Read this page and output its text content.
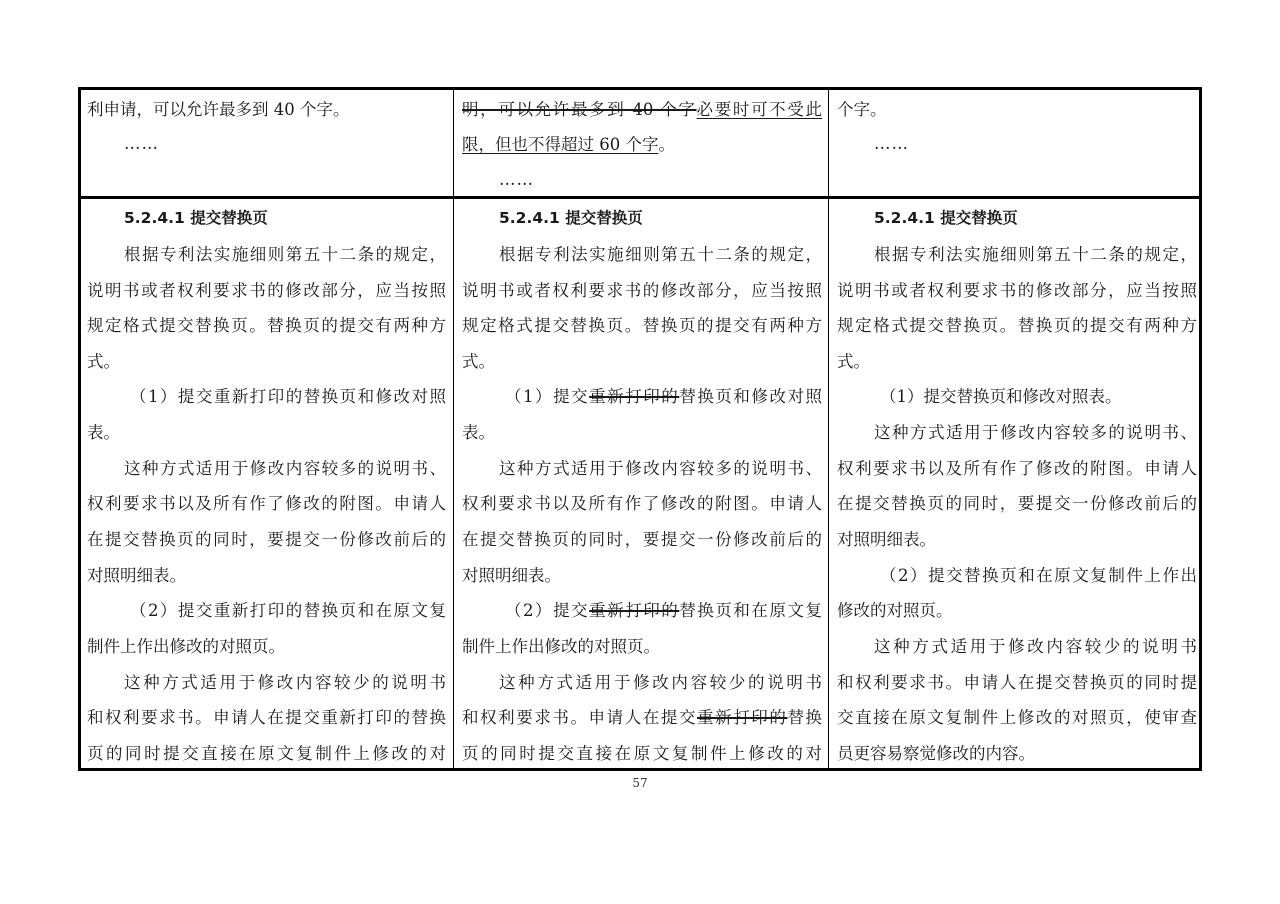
利申请，可以允许最多到 40 个字。
……
明，可以允许最多到 40 个字必要时可不受此
限，但也不得超过 60 个字。
……
个字。
……
5.2.4.1 提交替换页
根据专利法实施细则第五十二条的规定，
说明书或者权利要求书的修改部分，应当按照
规定格式提交替换页。替换页的提交有两种方
式。
（1）提交重新打印的替换页和修改对照
表。
这种方式适用于修改内容较多的说明书、
权利要求书以及所有作了修改的附图。申请人
在提交替换页的同时，要提交一份修改前后的
对照明细表。
（2）提交重新打印的替换页和在原文复
制件上作出修改的对照页。
这种方式适用于修改内容较少的说明书
和权利要求书。申请人在提交重新打印的替换
页的同时提交直接在原文复制件上修改的对
5.2.4.1 提交替换页
根据专利法实施细则第五十二条的规定，
说明书或者权利要求书的修改部分，应当按照
规定格式提交替换页。替换页的提交有两种方
式。
（1）提交重新打印的替换页和修改对照
表。
这种方式适用于修改内容较多的说明书、
权利要求书以及所有作了修改的附图。申请人
在提交替换页的同时，要提交一份修改前后的
对照明细表。
（2）提交重新打印的替换页和在原文复
制件上作出修改的对照页。
这种方式适用于修改内容较少的说明书
和权利要求书。申请人在提交重新打印的替换
页的同时提交直接在原文复制件上修改的对
5.2.4.1 提交替换页
根据专利法实施细则第五十二条的规定，
说明书或者权利要求书的修改部分，应当按照
规定格式提交替换页。替换页的提交有两种方
式。
（1）提交替换页和修改对照表。
这种方式适用于修改内容较多的说明书、
权利要求书以及所有作了修改的附图。申请人
在提交替换页的同时，要提交一份修改前后的
对照明细表。
（2）提交替换页和在原文复制件上作出
修改的对照页。
这种方式适用于修改内容较少的说明书
和权利要求书。申请人在提交替换页的同时提
交直接在原文复制件上修改的对照页，使审查
员更容易察觉修改的内容。
57
